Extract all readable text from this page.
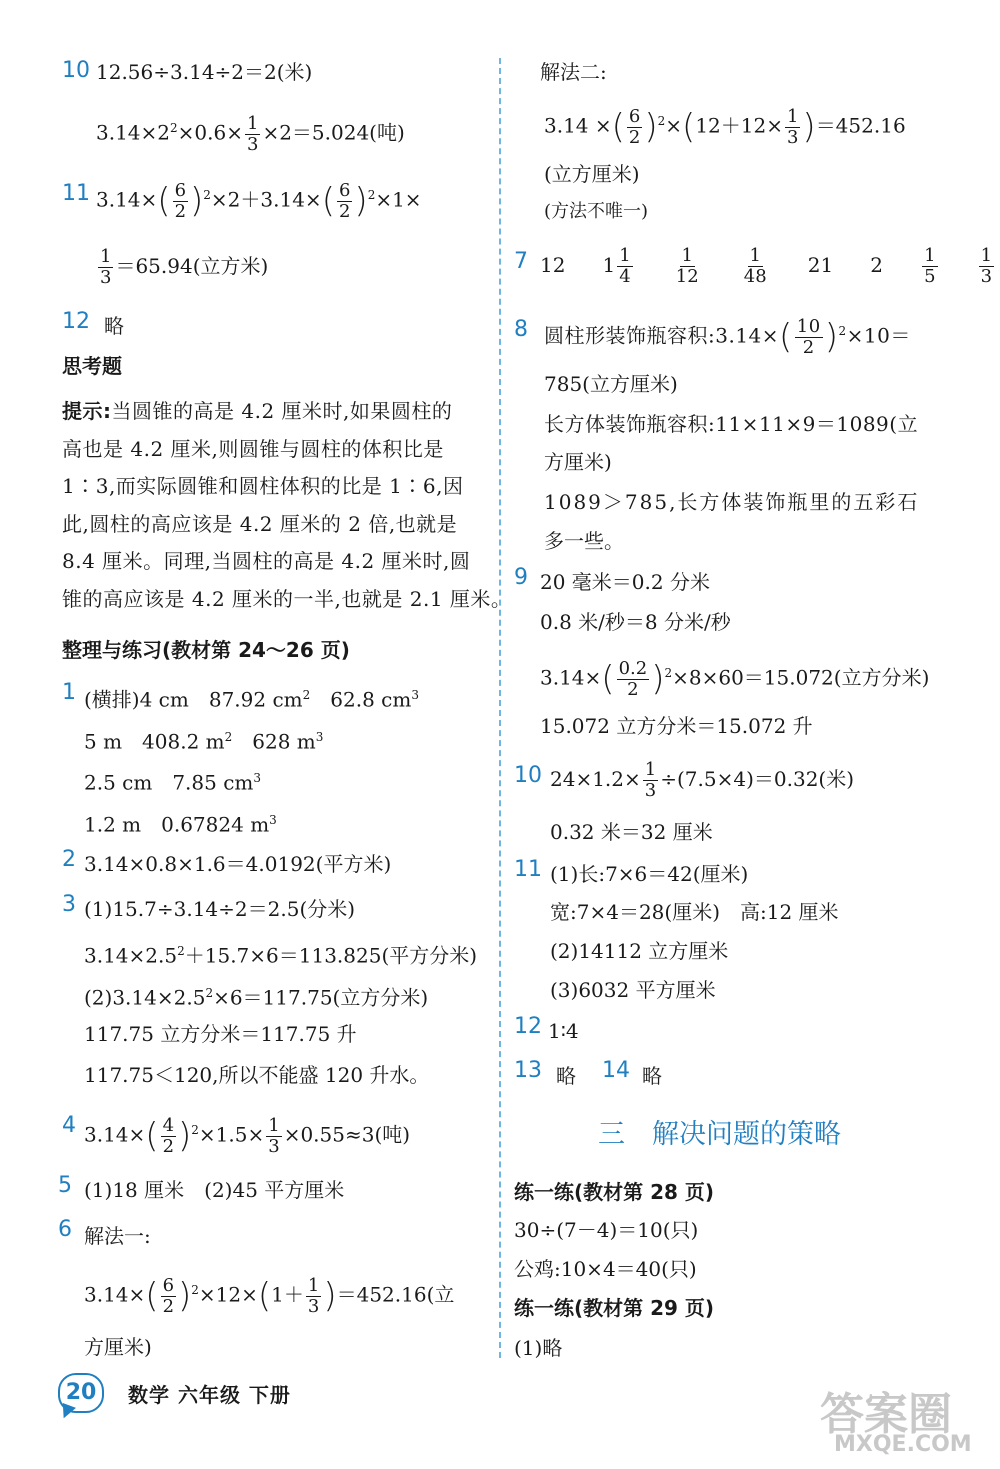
10 12.56÷3.14÷2＝2(米)
$3.14\times 2^2\times 0.6\times \frac{1}{3} \times 2=5.024$(吨)
11 $3.14\times( \frac{6}{2} )^2\times 2+3.14\times( \frac{6}{2} )^2\times 1\times$
$\frac{1}{3} =65.94$(立方米)
12 略
思考题
提示:当圆锥的高是 4.2 厘米时,如果圆柱的
高也是 4.2 厘米,则圆锥与圆柱的体积比是
1∶3,而实际圆锥和圆柱体积的比是 1∶6,因
此,圆柱的高应该是 4.2 厘米的 2 倍,也就是
8.4 厘米。同理,当圆柱的高是 4.2 厘米时,圆
锥的高应该是 4.2 厘米的一半,也就是 2.1 厘米。
整理与练习(教材第 24～26 页)
1 (横排)4 cm　87.92 $cm^2$　62.8 $cm^3$
5 m　408.2 $m^2$　628 $m^3$
2.5 cm　7.85 $cm^3$
1.2 m　0.67824 $m^3$
2 3.14×0.8×1.6＝4.0192(平方米)
3 (1)15.7÷3.14÷2＝2.5(分米)
$3.14\times 2.5^2+15.7\times 6=113.825$(平方分米)
$(2)3.14\times 2.5^2\times 6=117.75$(立方分米)
117.75 立方分米＝117.75 升
117.75＜120,所以不能盛 120 升水。
4 $3.14\times( \frac{4}{2} )^2\times 1.5\times \frac{1}{3} \times 0.55\approx 3$(吨)
5 (1)18 厘米　(2)45 平方厘米
6 解法一:
$3.14\times( \frac{6}{2} )^2\times 12\times(1+ \frac{1}{3} )=452.16$(立
方厘米)
解法二:
3.14 ×( $\frac{6}{2} )^2\times(12+12\times \frac{1}{3} )=452.16$
(立方厘米)
(方法不唯一)
7 12 $1 \frac{1}{4}$
$\frac{1}{12}$
$\frac{1}{48} 21$ $2 \frac{1}{5}$
$\frac{1}{3}$
8 圆柱形装饰瓶容积:3.14×( $\frac{10}{2} )^2\times 10=$
785(立方厘米)
长方体装饰瓶容积:11×11×9＝1089(立
方厘米)
1089＞785,长方体装饰瓶里的五彩石
多一些。
9 20 毫米＝0.2 分米
0.8 米/秒＝8 分米/秒
$3.14\times( \frac{0.2}{2} )^2\times 8\times 60=15.072$(立方分米)
15.072 立方分米＝15.072 升
10 $24\times 1.2\times \frac{1}{3} \div(7.5\times 4)=0.32$(米)
0.32 米＝32 厘米
11 (1)长:7×6＝42(厘米)
宽:7×4＝28(厘米)　高:12 厘米
(2)14112 立方厘米
(3)6032 平方厘米
12 1∶4
13 略 14 略
三　解决问题的策略
练一练(教材第 28 页)
30÷(7－4)＝10(只)
公鸡:10×4＝40(只)
练一练(教材第 29 页)
(1)略
20	数学 六年级 下册	答案圈
MXQE.COM
